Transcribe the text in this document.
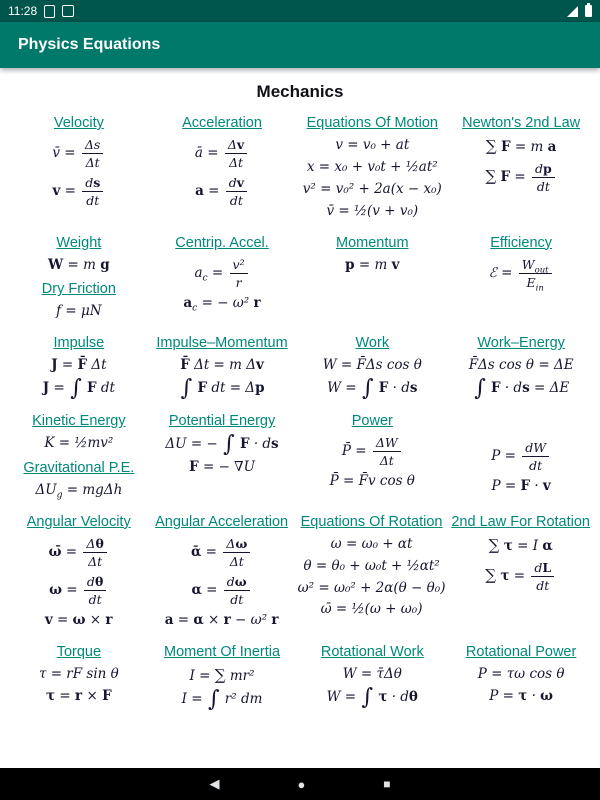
11:28
Physics Equations
Mechanics
Velocity
v̄ = $\frac{\Delta s}{\Delta t}$
$v = \frac{ds}{dt}$
Acceleration
ā = $\frac{\Delta v}{\Delta t}$
$a = \frac{dv}{dt}$
Equations Of Motion
v = v₀ + at
x = x₀ + v₀t + ½at²
v² = v₀² + 2a(x − x₀)
v̄ = ½(v + v₀)
Newton's 2nd Law
∑ F = m a
∑ $F = \frac{dp}{dt}$
Weight
W = m g
Dry Friction
f = μN
Centrip. Accel.
$a_c = \frac{\text{v²}}{r}$
$a_c$ = − ω² r
Momentum
p = m v
Efficiency
ℰ = $\frac{W_{out}}{E_{in}}$
Impulse
J = F̄ Δt
J = ∫ F dt
Impulse–Momentum
F̄ Δt = m Δv
∫ F dt = Δp
Work
W = F̄Δs cos θ
W = ∫ F · ds
Work–Energy
F̄Δs cos θ = ΔE
∫ F · ds = ΔE
Kinetic Energy
K = ½mv²
Gravitational P.E.
$\Delta U_g = mg\Delta h$
Potential Energy
ΔU = − ∫ F · ds
F = − ∇U
Power
P̄ = $\frac{\Delta W}{\Delta t}$
P̄ = F̄v cos θ
$P = \frac{dW}{dt}$
P = F · v
Angular Velocity
ω̄ = $\frac{\Delta\theta}{\Delta t}$
$\omega = \frac{d\theta}{dt}$
v = ω × r
Angular Acceleration
ᾱ = $\frac{\Delta\omega}{\Delta t}$
$\alpha = \frac{d\omega}{dt}$
a = α × r − ω² r
Equations Of Rotation
ω = ω₀ + αt
θ = θ₀ + ω₀t + ½αt²
ω² = ω₀² + 2α(θ − θ₀)
ω̄ = ½(ω + ω₀)
2nd Law For Rotation
∑ τ = I α
∑ $\tau = \frac{dL}{dt}$
Torque
τ = rF sin θ
τ = r × F
Moment Of Inertia
I = ∑ mr²
I = ∫ r² dm
Rotational Work
W = τ̄Δθ
W = ∫ τ · dθ
Rotational Power
P = τω cos θ
P = τ · ω
◀	●	■
